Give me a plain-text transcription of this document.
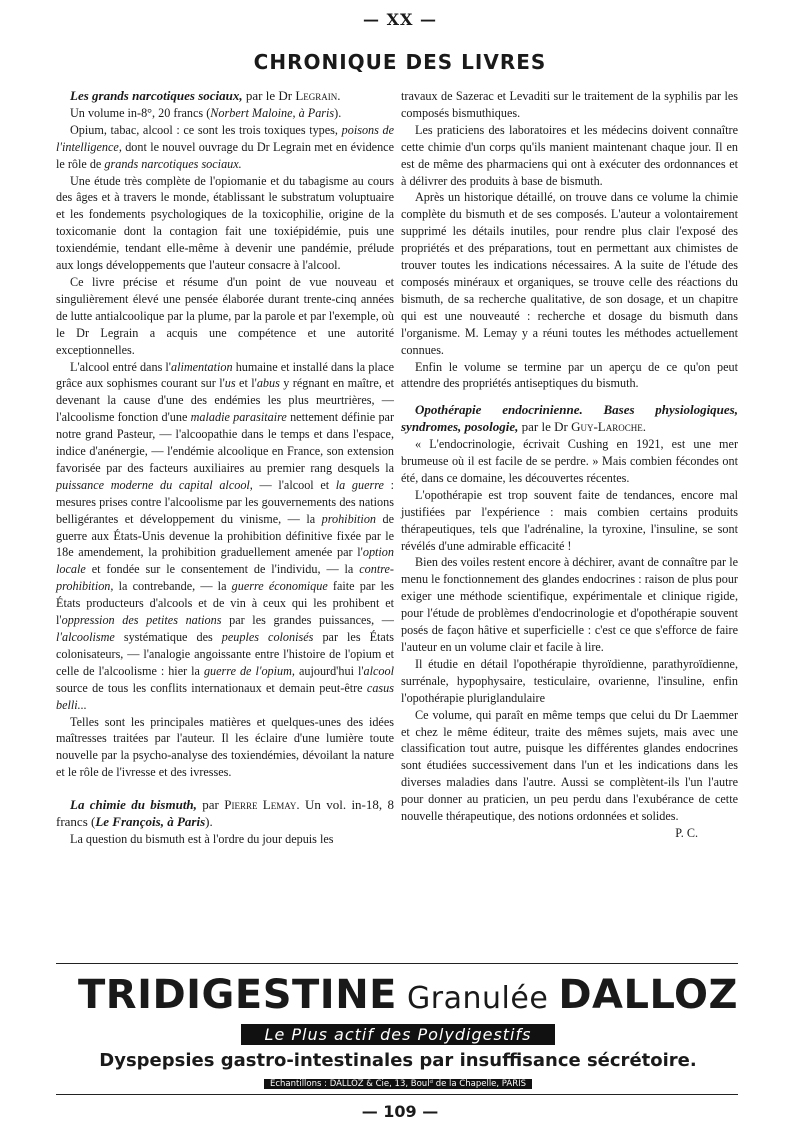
— XX —
CHRONIQUE DES LIVRES

Les grands narcotiques sociaux, par le Dr Legrain.

Un volume in-8°, 20 francs (Norbert Maloine, à Paris).

Opium, tabac, alcool : ce sont les trois toxiques types, poisons de l'intelligence, dont le nouvel ouvrage du Dr Legrain met en évidence le rôle de grands narcotiques sociaux.

Une étude très complète de l'opiomanie et du tabagisme au cours des âges et à travers le monde, établissant le substratum voluptuaire et les fondements psychologiques de la toxicophilie, origine de la toxicomanie dont la contagion fait une toxiépidémie, puis une toxiendémie, tendant elle-même à devenir une pandémie, prélude aux longs développements que l'auteur consacre à l'alcool.

Ce livre précise et résume d'un point de vue nouveau et singulièrement élevé une pensée élaborée durant trente-cinq années de lutte antialcoolique par la plume, par la parole et par l'exemple, où le Dr Legrain a acquis une compétence et une autorité exceptionnelles.

L'alcool entré dans l'alimentation humaine et installé dans la place grâce aux sophismes courant sur l'us et l'abus y régnant en maître, et devenant la cause d'une des endémies les plus meurtrières, — l'alcoolisme fonction d'une maladie parasitaire nettement définie par notre grand Pasteur, — l'alcoopathie dans le temps et dans l'espace, indice d'anénergie, — l'endémie alcoolique en France, son extension favorisée par des facteurs auxiliaires au premier rang desquels la puissance moderne du capital alcool, — l'alcool et la guerre : mesures prises contre l'alcoolisme par les gouvernements des nations belligérantes et développement du vinisme, — la prohibition de guerre aux États-Unis devenue la prohibition définitive fixée par le 18e amendement, la prohibition graduellement amenée par l'option locale et fondée sur le consentement de l'individu, — la contre-prohibition, la contrebande, — la guerre économique faite par les États producteurs d'alcools et de vin à ceux qui les prohibent et l'oppression des petites nations par les grandes puissances, — l'alcoolisme systématique des peuples colonisés par les États colonisateurs, — l'analogie angoissante entre l'histoire de l'opium et celle de l'alcoolisme : hier la guerre de l'opium, aujourd'hui l'alcool source de tous les conflits internationaux et demain peut-être casus belli...

Telles sont les principales matières et quelques-unes des idées maîtresses traitées par l'auteur. Il les éclaire d'une lumière toute nouvelle par la psycho-analyse des toxiendémies, dévoilant la nature et le rôle de l'ivresse et des ivresses.

La chimie du bismuth, par Pierre Lemay. Un vol. in-18, 8 francs (Le François, à Paris).

La question du bismuth est à l'ordre du jour depuis les

travaux de Sazerac et Levaditi sur le traitement de la syphilis par les composés bismuthiques.

Les praticiens des laboratoires et les médecins doivent connaître cette chimie d'un corps qu'ils manient maintenant chaque jour. Il en est de même des pharmaciens qui ont à exécuter des ordonnances et à délivrer des produits à base de bismuth.

Après un historique détaillé, on trouve dans ce volume la chimie complète du bismuth et de ses composés. L'auteur a volontairement supprimé les détails inutiles, pour rendre plus clair l'exposé des propriétés et des préparations, tout en permettant aux chimistes de trouver toutes les indications nécessaires. A la suite de l'étude des composés minéraux et organiques, se trouve celle des réactions du bismuth, de sa recherche qualitative, de son dosage, et un chapitre qui est une nouveauté : recherche et dosage du bismuth dans l'organisme. M. Lemay y a réuni toutes les méthodes actuellement connues.

Enfin le volume se termine par un aperçu de ce qu'on peut attendre des propriétés antiseptiques du bismuth.

Opothérapie endocrinienne. Bases physiologiques, syndromes, posologie, par le Dr Guy-Laroche.

« L'endocrinologie, écrivait Cushing en 1921, est une mer brumeuse où il est facile de se perdre. » Mais combien fécondes ont été, dans ce domaine, les découvertes récentes.

L'opothérapie est trop souvent faite de tendances, encore mal justifiées par l'expérience : mais combien certains produits thérapeutiques, tels que l'adrénaline, la tyroxine, l'insuline, se sont révélés d'une admirable efficacité !

Bien des voiles restent encore à déchirer, avant de connaître par le menu le fonctionnement des glandes endocrines : raison de plus pour exiger une méthode scientifique, expérimentale et clinique rigide, pour l'étude de problèmes d'endocrinologie et d'opothérapie souvent posés de façon hâtive et superficielle : c'est ce que s'efforce de faire l'auteur en un volume clair et facile à lire.

Il étudie en détail l'opothérapie thyroïdienne, parathyroïdienne, surrénale, hypophysaire, testiculaire, ovarienne, l'insuline, enfin l'opothérapie pluriglandulaire

Ce volume, qui paraît en même temps que celui du Dr Laemmer et chez le même éditeur, traite des mêmes sujets, mais avec une classification tout autre, puisque les différentes glandes endocrines sont étudiées successivement dans l'un et les indications dans les diverses maladies dans l'autre. Aussi se complètent-ils l'un l'autre pour donner au praticien, un peu perdu dans l'exubérance de cette nouvelle thérapeutique, des notions ordonnées et solides.

P. C.

TRIDIGESTINE Granulée DALLOZ
Le Plus actif des Polydigestifs
Dyspepsies gastro-intestinales par insuffisance sécrétoire.
Échantillons : DALLOZ & Cie, 13, Boulᵈ de la Chapelle, PARIS
— 109 —
